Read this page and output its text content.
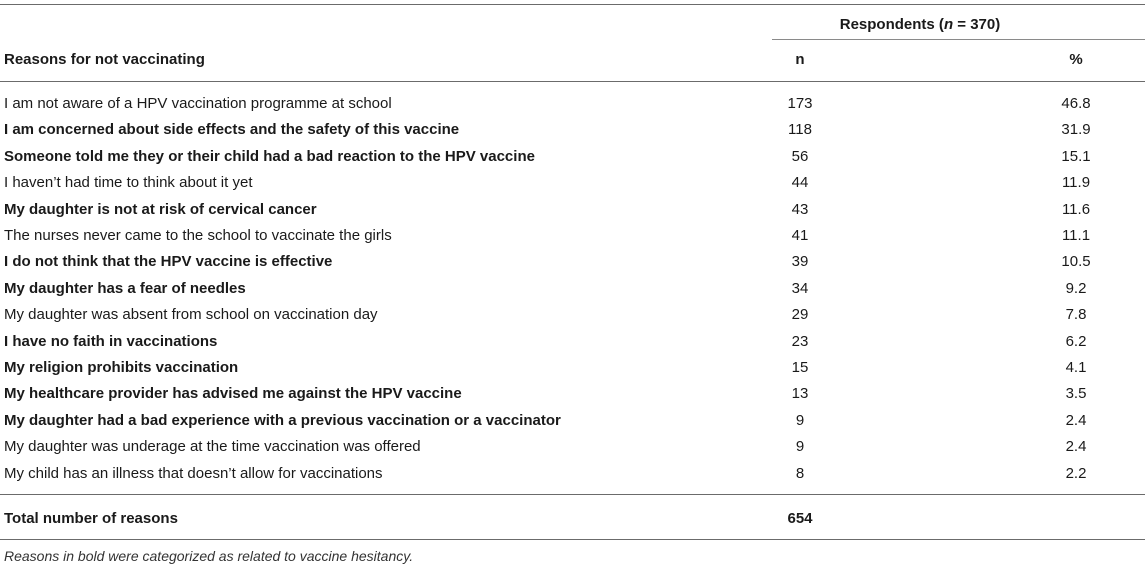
Respondents (n = 370)
Reasons for not vaccinating	n	%
I am not aware of a HPV vaccination programme at school	173	46.8
I am concerned about side effects and the safety of this vaccine	118	31.9
Someone told me they or their child had a bad reaction to the HPV vaccine	56	15.1
I haven’t had time to think about it yet	44	11.9
My daughter is not at risk of cervical cancer	43	11.6
The nurses never came to the school to vaccinate the girls	41	11.1
I do not think that the HPV vaccine is effective	39	10.5
My daughter has a fear of needles	34	9.2
My daughter was absent from school on vaccination day	29	7.8
I have no faith in vaccinations	23	6.2
My religion prohibits vaccination	15	4.1
My healthcare provider has advised me against the HPV vaccine	13	3.5
My daughter had a bad experience with a previous vaccination or a vaccinator	9	2.4
My daughter was underage at the time vaccination was offered	9	2.4
My child has an illness that doesn’t allow for vaccinations	8	2.2
Total number of reasons	654
Reasons in bold were categorized as related to vaccine hesitancy.
